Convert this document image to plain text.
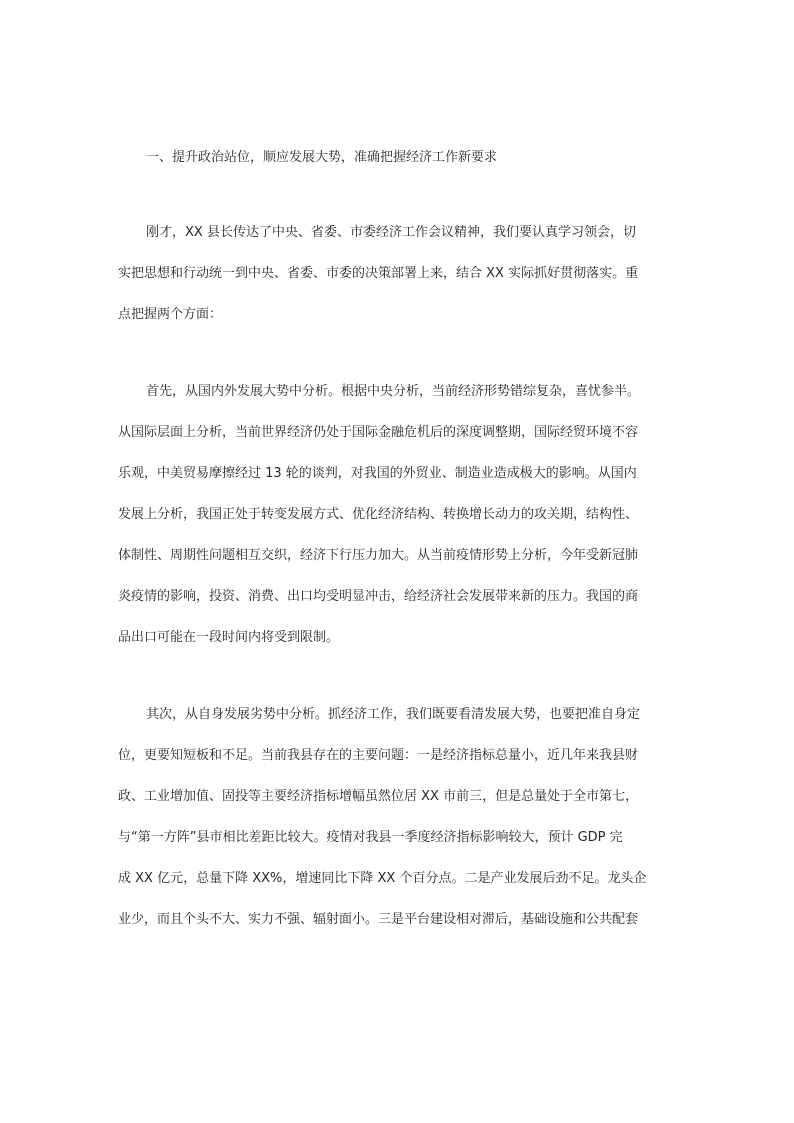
一、提升政治站位，顺应发展大势，准确把握经济工作新要求
刚才，XX 县长传达了中央、省委、市委经济工作会议精神，我们要认真学习领会，切
实把思想和行动统一到中央、省委、市委的决策部署上来，结合 XX 实际抓好贯彻落实。重
点把握两个方面：
首先，从国内外发展大势中分析。根据中央分析，当前经济形势错综复杂，喜忧参半。
从国际层面上分析，当前世界经济仍处于国际金融危机后的深度调整期，国际经贸环境不容
乐观，中美贸易摩擦经过 13 轮的谈判，对我国的外贸业、制造业造成极大的影响。从国内
发展上分析，我国正处于转变发展方式、优化经济结构、转换增长动力的攻关期，结构性、
体制性、周期性问题相互交织，经济下行压力加大。从当前疫情形势上分析，今年受新冠肺
炎疫情的影响，投资、消费、出口均受明显冲击，给经济社会发展带来新的压力。我国的商
品出口可能在一段时间内将受到限制。
其次，从自身发展劣势中分析。抓经济工作，我们既要看清发展大势，也要把准自身定
位，更要知短板和不足。当前我县存在的主要问题：一是经济指标总量小，近几年来我县财
政、工业增加值、固投等主要经济指标增幅虽然位居 XX 市前三，但是总量处于全市第七，
与“第一方阵”县市相比差距比较大。疫情对我县一季度经济指标影响较大，预计 GDP 完
成 XX 亿元，总量下降 XX%，增速同比下降 XX 个百分点。二是产业发展后劲不足。龙头企
业少，而且个头不大、实力不强、辐射面小。三是平台建设相对滞后，基础设施和公共配套
